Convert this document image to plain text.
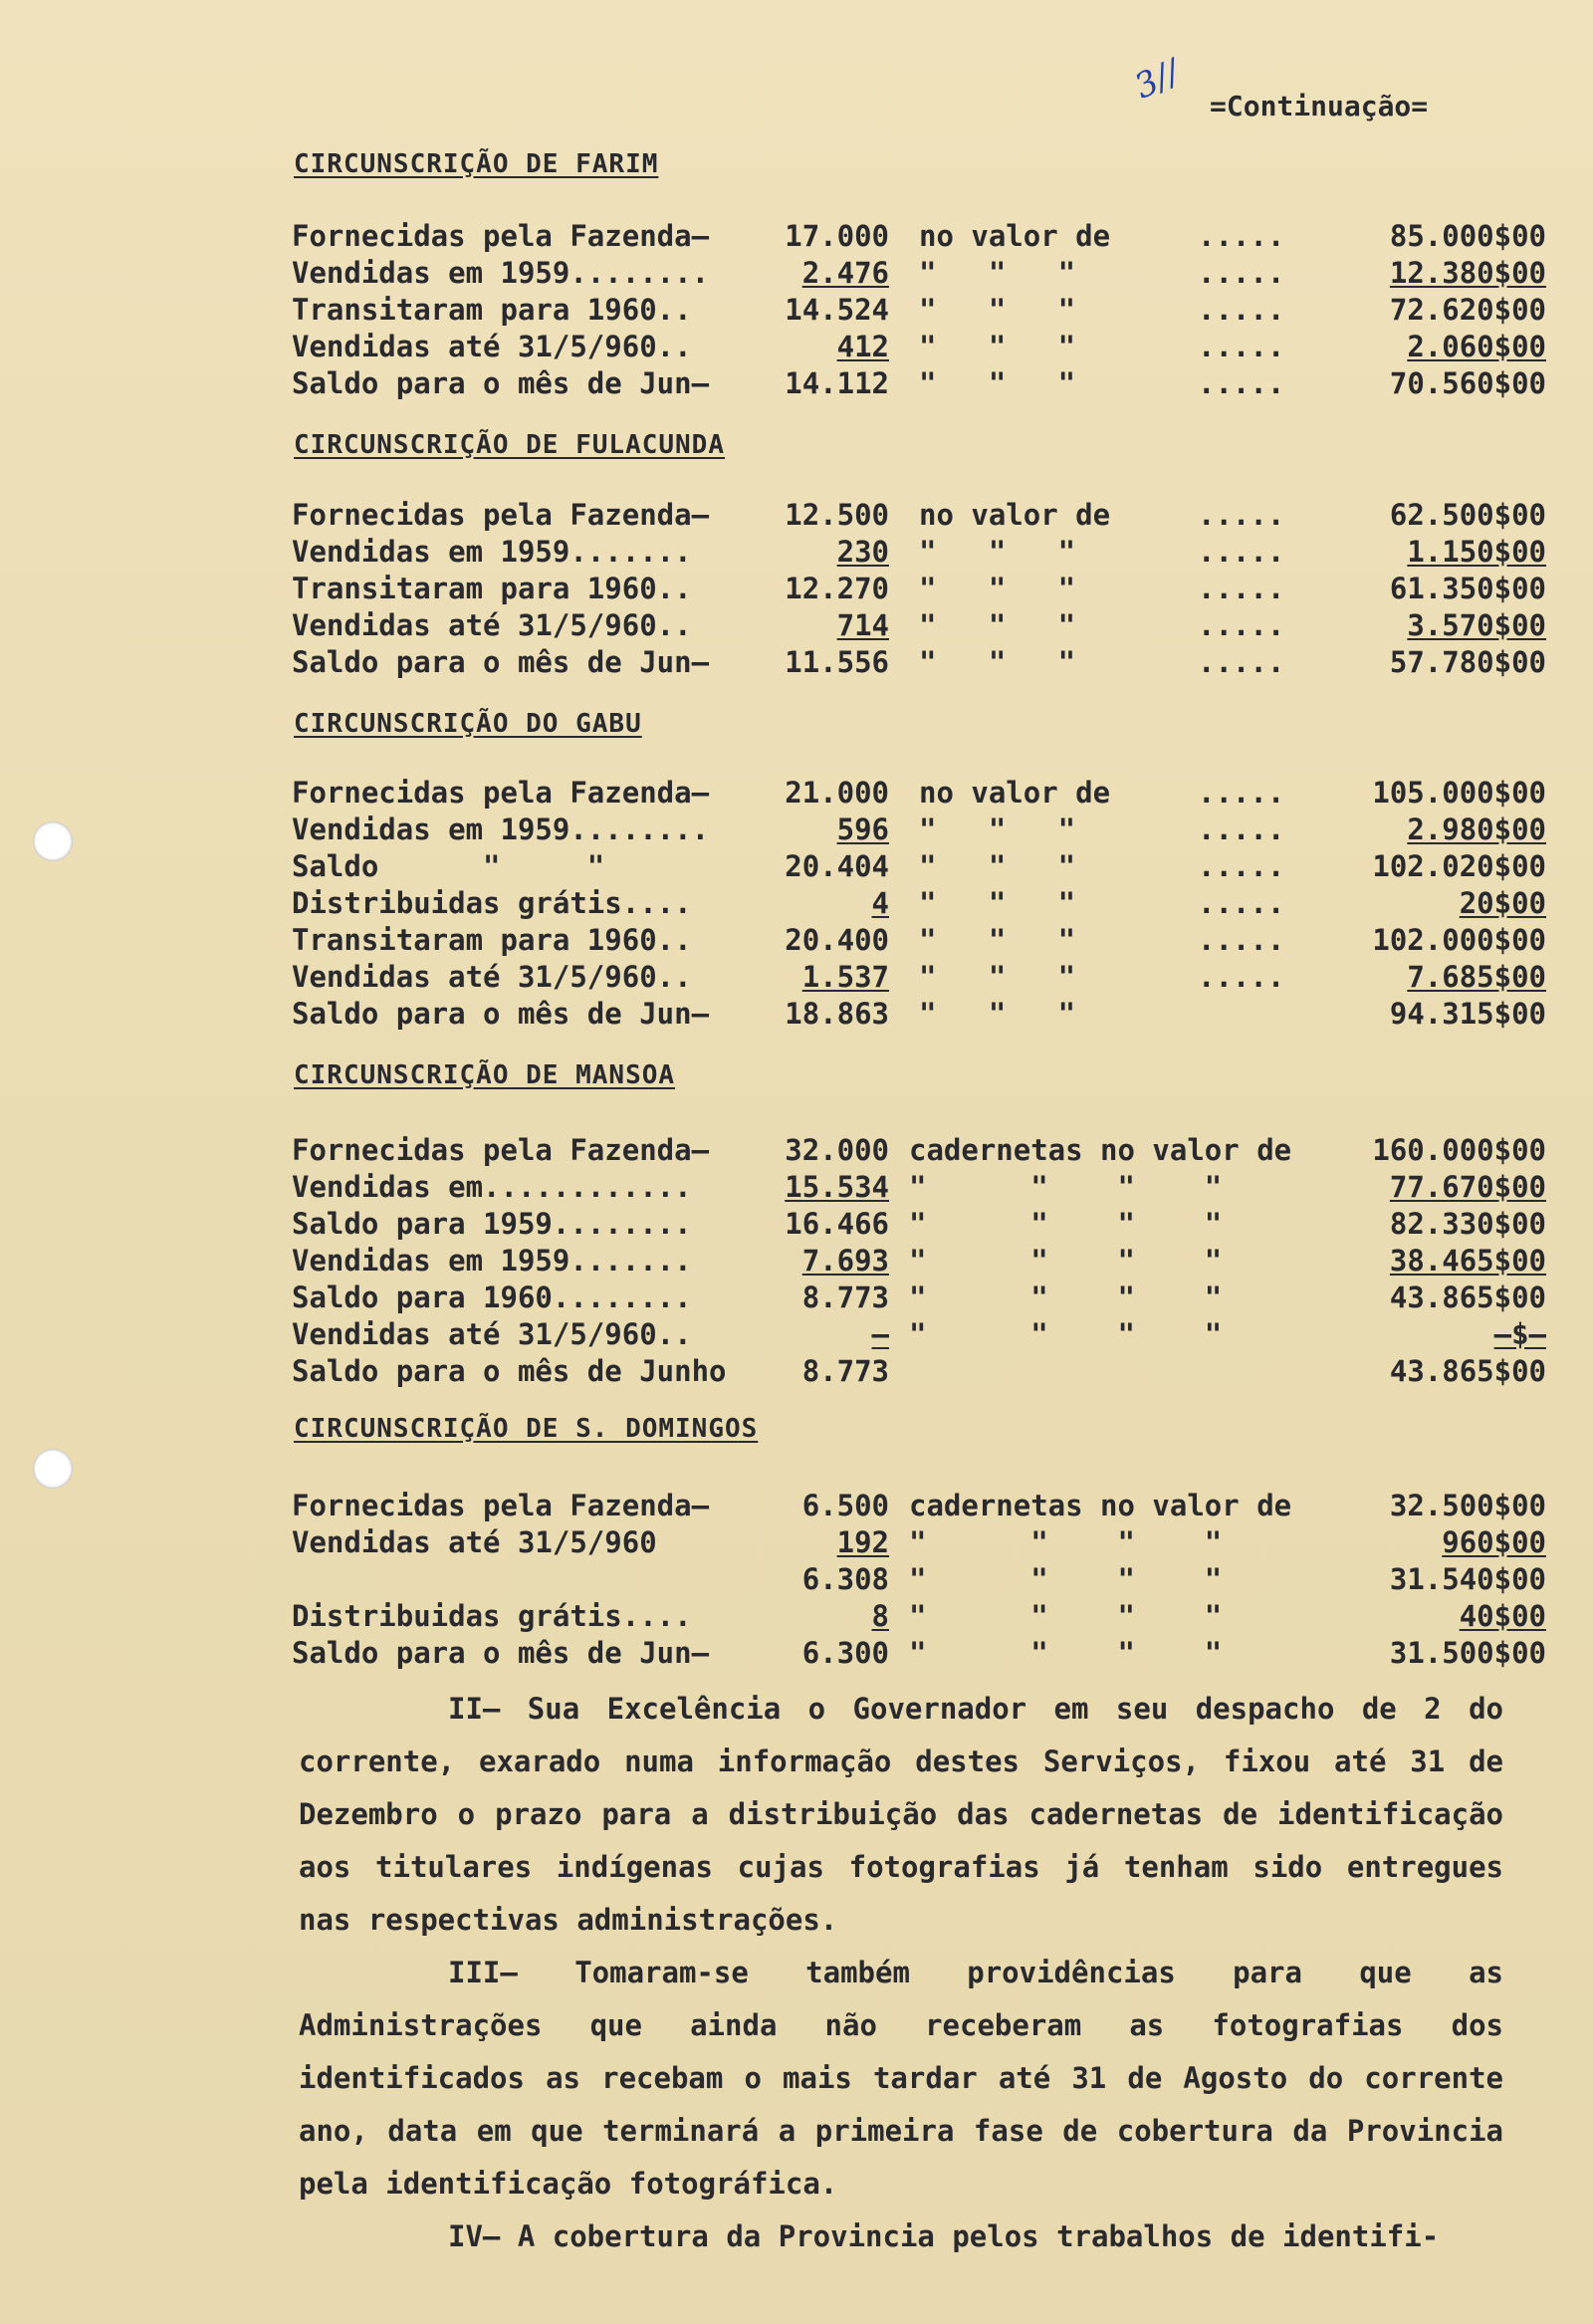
3// =Continuação=
CIRCUNSCRIÇÃO DE FARIM
Fornecidas pela Fazenda—	17.000 no valor de	.....	85.000$00
Vendidas em 1959........	2.476 "   "   "	.....	12.380$00
Transitaram para 1960..	14.524 "   "   "	.....	72.620$00
Vendidas até 31/5/960..	412 "   "   "	.....	2.060$00
Saldo para o mês de Jun—	14.112 "   "   "	.....	70.560$00
CIRCUNSCRIÇÃO DE FULACUNDA
Fornecidas pela Fazenda—	12.500 no valor de	.....	62.500$00
Vendidas em 1959.......	230 "   "   "	.....	1.150$00
Transitaram para 1960..	12.270 "   "   "	.....	61.350$00
Vendidas até 31/5/960..	714 "   "   "	.....	3.570$00
Saldo para o mês de Jun—	11.556 "   "   "	.....	57.780$00
CIRCUNSCRIÇÃO DO GABU
Fornecidas pela Fazenda—	21.000 no valor de	.....	105.000$00
Vendidas em 1959........	596 "   "   "	.....	2.980$00
Saldo      "     "	20.404 "   "   "	.....	102.020$00
Distribuidas grátis....	4 "   "   "	.....	20$00
Transitaram para 1960..	20.400 "   "   "	.....	102.000$00
Vendidas até 31/5/960..	1.537 "   "   "	.....	7.685$00
Saldo para o mês de Jun—	18.863 "   "   "	94.315$00
CIRCUNSCRIÇÃO DE MANSOA
Fornecidas pela Fazenda—	32.000 cadernetas no valor de	160.000$00
Vendidas em............	15.534 "      "    "    "	77.670$00
Saldo para 1959........	16.466 "      "    "    "	82.330$00
Vendidas em 1959.......	7.693 "      "    "    "	38.465$00
Saldo para 1960........	8.773 "      "    "    "	43.865$00
Vendidas até 31/5/960..	— "      "    "    "	—$—
Saldo para o mês de Junho	8.773	43.865$00
CIRCUNSCRIÇÃO DE S. DOMINGOS
Fornecidas pela Fazenda—	6.500 cadernetas no valor de	32.500$00
Vendidas até 31/5/960	192 "      "    "    "	960$00
6.308 "      "    "    "	31.540$00
Distribuidas grátis....	8 "      "    "    "	40$00
Saldo para o mês de Jun—	6.300 "      "    "    "	31.500$00

II— Sua Excelência o Governador em seu despacho de 2 do corrente, exarado numa informação destes Serviços, fixou até 31 de Dezembro o prazo para a distribuição das cadernetas de identificação aos titulares indígenas cujas fotografias já tenham sido entregues nas respectivas administrações.

III— Tomaram-se também providências para que as Administrações que ainda não receberam as fotografias dos identificados as recebam o mais tardar até 31 de Agosto do corrente ano, data em que terminará a primeira fase de cobertura da Provincia pela identificação fotográfica.

IV— A cobertura da Provincia pelos trabalhos de identifi-
